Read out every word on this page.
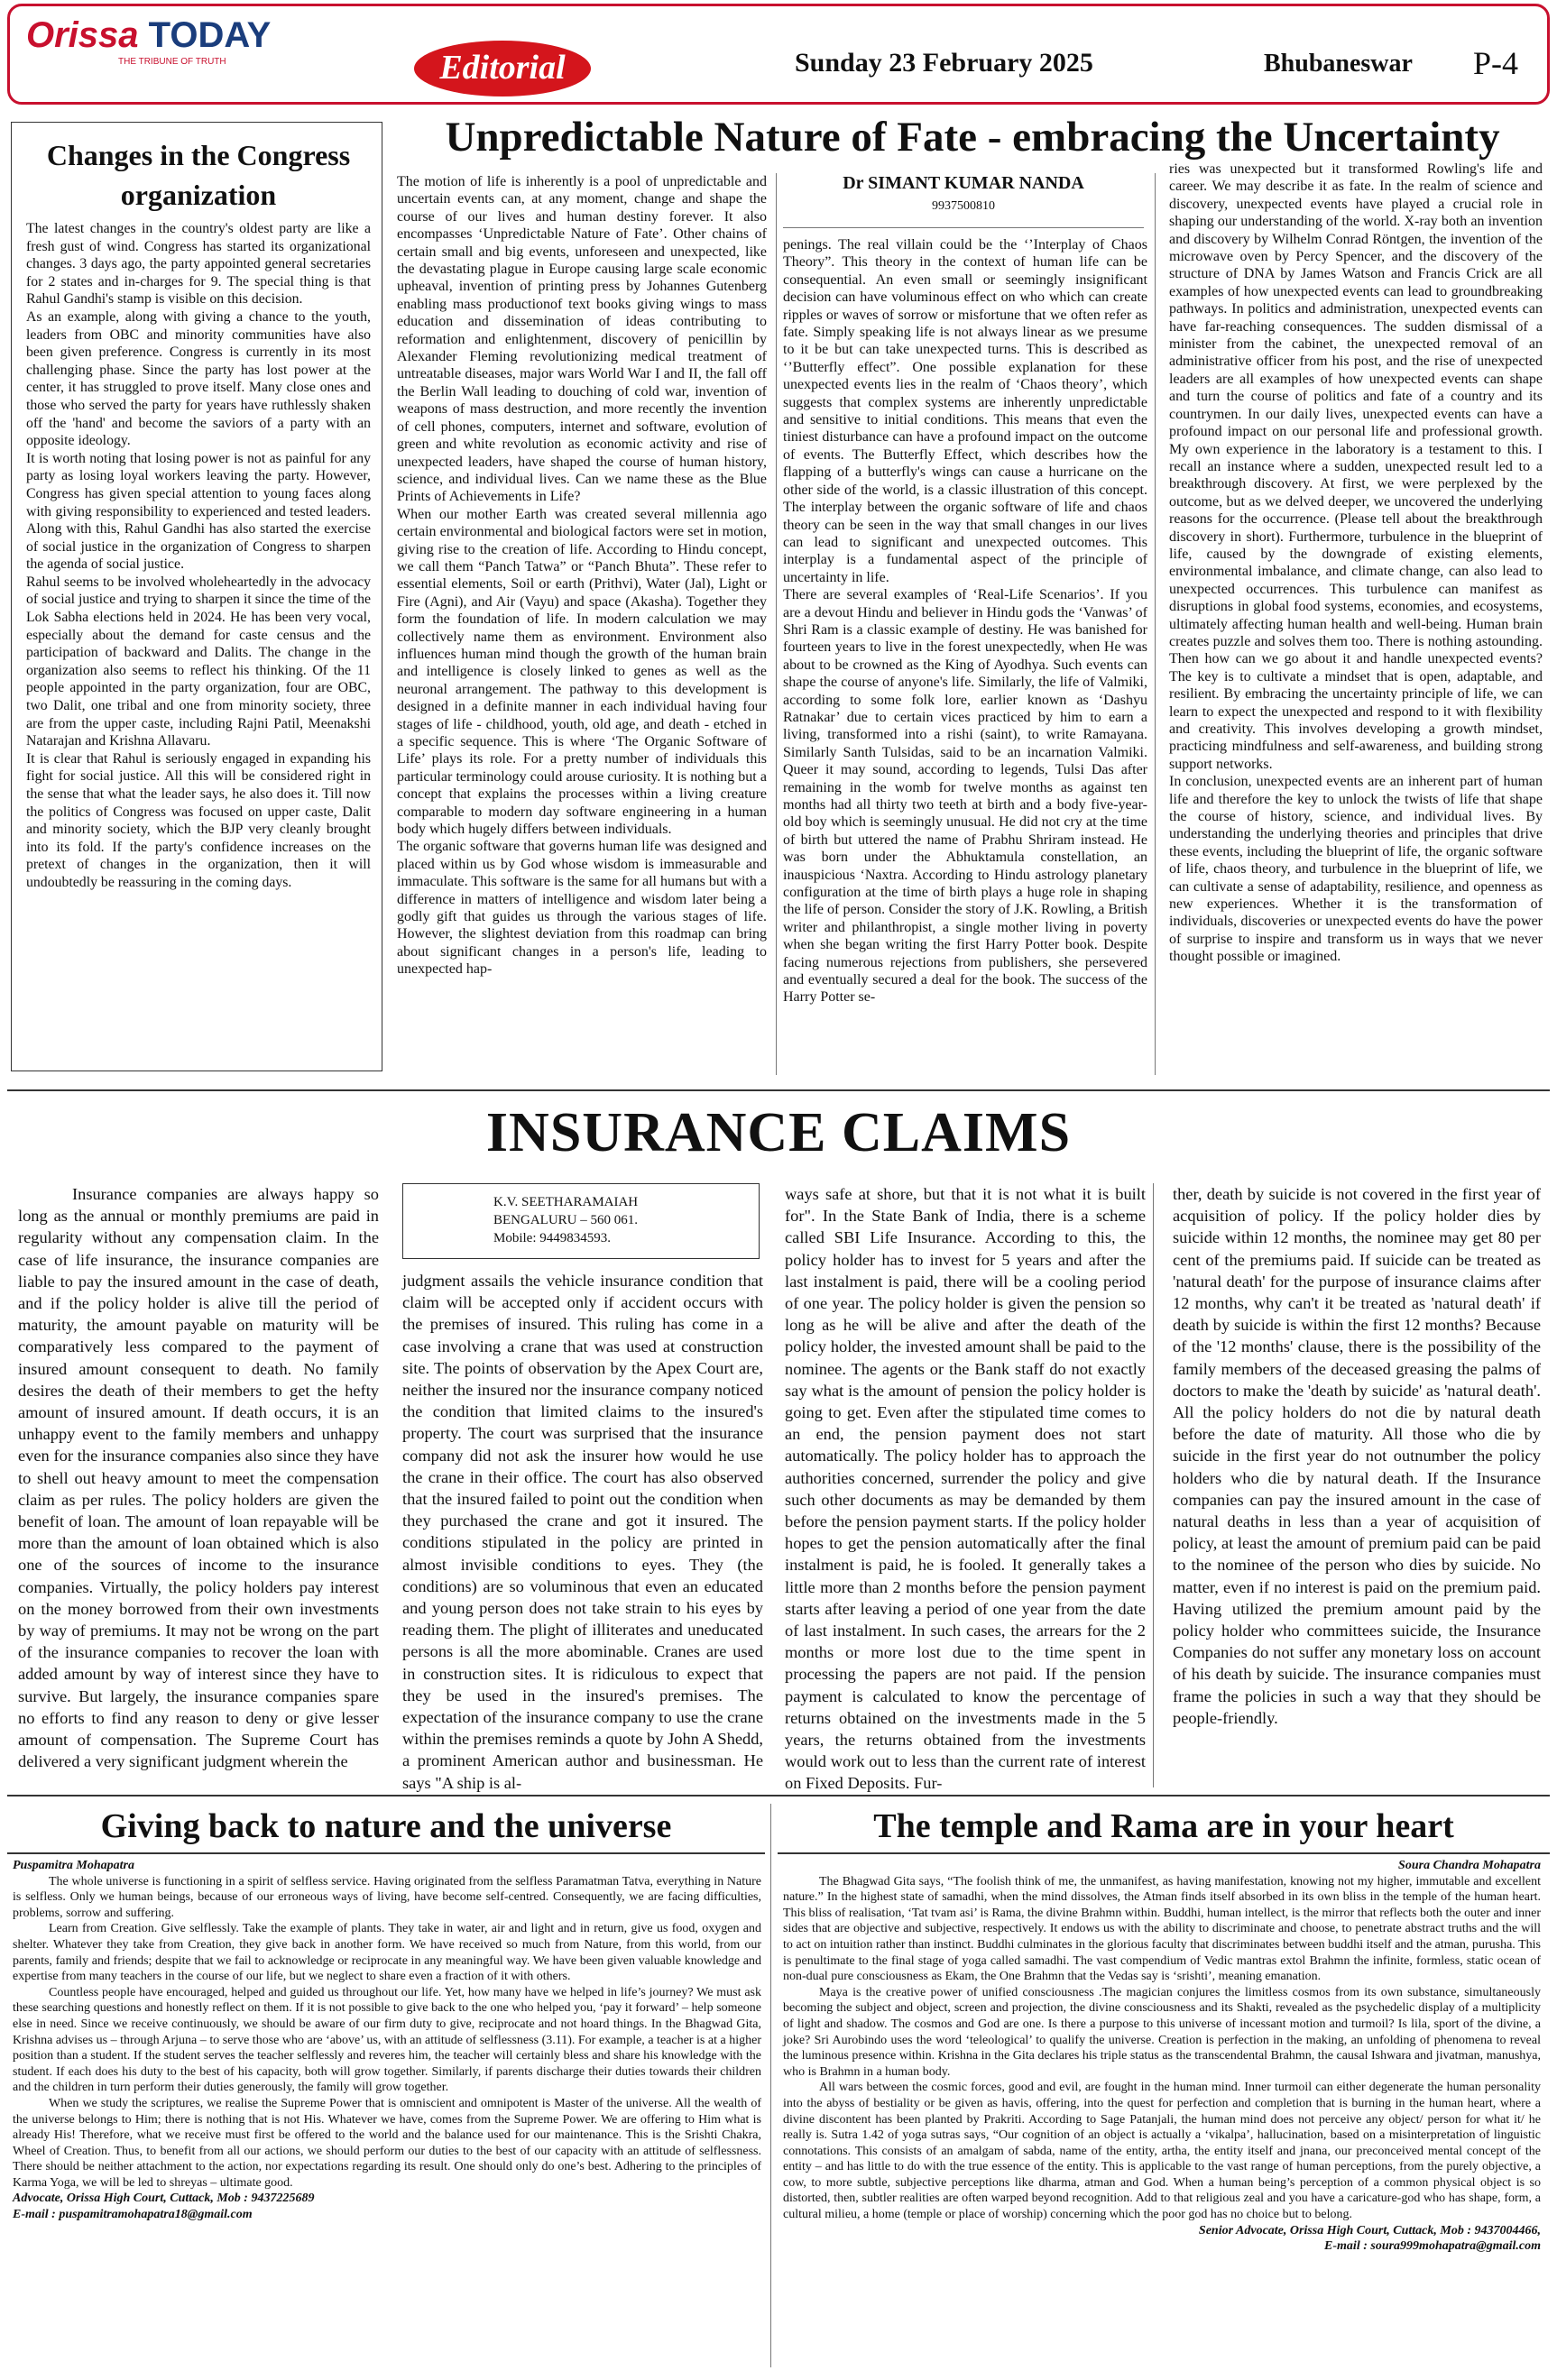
Orissa TODAY
THE TRIBUNE OF TRUTH	Editorial	Sunday 23 February 2025	Bhubaneswar P-4
Changes in the Congress organization

The latest changes in the country's oldest party are like a fresh gust of wind. Congress has started its organizational changes. 3 days ago, the party appointed general secretaries for 2 states and in-charges for 9. The special thing is that Rahul Gandhi's stamp is visible on this decision.

As an example, along with giving a chance to the youth, leaders from OBC and minority communities have also been given preference. Congress is currently in its most challenging phase. Since the party has lost power at the center, it has struggled to prove itself. Many close ones and those who served the party for years have ruthlessly shaken off the 'hand' and become the saviors of a party with an opposite ideology.

It is worth noting that losing power is not as painful for any party as losing loyal workers leaving the party. However, Congress has given special attention to young faces along with giving responsibility to experienced and tested leaders. Along with this, Rahul Gandhi has also started the exercise of social justice in the organization of Congress to sharpen the agenda of social justice.

Rahul seems to be involved wholeheartedly in the advocacy of social justice and trying to sharpen it since the time of the Lok Sabha elections held in 2024. He has been very vocal, especially about the demand for caste census and the participation of backward and Dalits. The change in the organization also seems to reflect his thinking. Of the 11 people appointed in the party organization, four are OBC, two Dalit, one tribal and one from minority society, three are from the upper caste, including Rajni Patil, Meenakshi Natarajan and Krishna Allavaru.

It is clear that Rahul is seriously engaged in expanding his fight for social justice. All this will be considered right in the sense that what the leader says, he also does it. Till now the politics of Congress was focused on upper caste, Dalit and minority society, which the BJP very cleanly brought into its fold. If the party's confidence increases on the pretext of changes in the organization, then it will undoubtedly be reassuring in the coming days.

Unpredictable Nature of Fate - embracing the Uncertainty

The motion of life is inherently is a pool of unpredictable and uncertain events can, at any moment, change and shape the course of our lives and human destiny forever. It also encompasses ‘Unpredictable Nature of Fate’. Other chains of certain small and big events, unforeseen and unexpected, like the devastating plague in Europe causing large scale economic upheaval, invention of printing press by Johannes Gutenberg enabling mass productionof text books giving wings to mass education and dissemination of ideas contributing to reformation and enlightenment, discovery of penicillin by Alexander Fleming revolutionizing medical treatment of untreatable diseases, major wars World War I and II, the fall off the Berlin Wall leading to douching of cold war, invention of weapons of mass destruction, and more recently the invention of cell phones, computers, internet and software, evolution of green and white revolution as economic activity and rise of unexpected leaders, have shaped the course of human history, science, and individual lives. Can we name these as the Blue Prints of Achievements in Life?

When our mother Earth was created several millennia ago certain environmental and biological factors were set in motion, giving rise to the creation of life. According to Hindu concept, we call them “Panch Tatwa” or “Panch Bhuta”. These refer to essential elements, Soil or earth (Prithvi), Water (Jal), Light or Fire (Agni), and Air (Vayu) and space (Akasha). Together they form the foundation of life. In modern calculation we may collectively name them as environment. Environment also influences human mind though the growth of the human brain and intelligence is closely linked to genes as well as the neuronal arrangement. The pathway to this development is designed in a definite manner in each individual having four stages of life - childhood, youth, old age, and death - etched in a specific sequence. This is where ‘The Organic Software of Life’ plays its role. For a pretty number of individuals this particular terminology could arouse curiosity. It is nothing but a concept that explains the processes within a living creature comparable to modern day software engineering in a human body which hugely differs between individuals.

The organic software that governs human life was designed and placed within us by God whose wisdom is immeasurable and immaculate. This software is the same for all humans but with a difference in matters of intelligence and wisdom later being a godly gift that guides us through the various stages of life. However, the slightest deviation from this roadmap can bring about significant changes in a person's life, leading to unexpected hap-

Dr SIMANT KUMAR NANDA
9937500810

penings. The real villain could be the ‘’Interplay of Chaos Theory”. This theory in the context of human life can be consequential. An even small or seemingly insignificant decision can have voluminous effect on who which can create ripples or waves of sorrow or misfortune that we often refer as fate. Simply speaking life is not always linear as we presume to it be but can take unexpected turns. This is described as ‘’Butterfly effect”. One possible explanation for these unexpected events lies in the realm of ‘Chaos theory’, which suggests that complex systems are inherently unpredictable and sensitive to initial conditions. This means that even the tiniest disturbance can have a profound impact on the outcome of events. The Butterfly Effect, which describes how the flapping of a butterfly's wings can cause a hurricane on the other side of the world, is a classic illustration of this concept. The interplay between the organic software of life and chaos theory can be seen in the way that small changes in our lives can lead to significant and unexpected outcomes. This interplay is a fundamental aspect of the principle of uncertainty in life.

There are several examples of ‘Real-Life Scenarios’. If you are a devout Hindu and believer in Hindu gods the ‘Vanwas’ of Shri Ram is a classic example of destiny. He was banished for fourteen years to live in the forest unexpectedly, when He was about to be crowned as the King of Ayodhya. Such events can shape the course of anyone's life. Similarly, the life of Valmiki, according to some folk lore, earlier known as ‘Dashyu Ratnakar’ due to certain vices practiced by him to earn a living, transformed into a rishi (saint), to write Ramayana. Similarly Santh Tulsidas, said to be an incarnation Valmiki. Queer it may sound, according to legends, Tulsi Das after remaining in the womb for twelve months as against ten months had all thirty two teeth at birth and a body five-year-old boy which is seemingly unusual. He did not cry at the time of birth but uttered the name of Prabhu Shriram instead. He was born under the Abhuktamula constellation, an inauspicious ‘Naxtra. According to Hindu astrology planetary configuration at the time of birth plays a huge role in shaping the life of person. Consider the story of J.K. Rowling, a British writer and philanthropist, a single mother living in poverty when she began writing the first Harry Potter book. Despite facing numerous rejections from publishers, she persevered and eventually secured a deal for the book. The success of the Harry Potter se-

ries was unexpected but it transformed Rowling's life and career. We may describe it as fate. In the realm of science and discovery, unexpected events have played a crucial role in shaping our understanding of the world. X-ray both an invention and discovery by Wilhelm Conrad Röntgen, the invention of the microwave oven by Percy Spencer, and the discovery of the structure of DNA by James Watson and Francis Crick are all examples of how unexpected events can lead to groundbreaking pathways. In politics and administration, unexpected events can have far-reaching consequences. The sudden dismissal of a minister from the cabinet, the unexpected removal of an administrative officer from his post, and the rise of unexpected leaders are all examples of how unexpected events can shape and turn the course of politics and fate of a country and its countrymen. In our daily lives, unexpected events can have a profound impact on our personal life and professional growth. My own experience in the laboratory is a testament to this. I recall an instance where a sudden, unexpected result led to a breakthrough discovery. At first, we were perplexed by the outcome, but as we delved deeper, we uncovered the underlying reasons for the occurrence. (Please tell about the breakthrough discovery in short). Furthermore, turbulence in the blueprint of life, caused by the downgrade of existing elements, environmental imbalance, and climate change, can also lead to unexpected occurrences. This turbulence can manifest as disruptions in global food systems, economies, and ecosystems, ultimately affecting human health and well-being. Human brain creates puzzle and solves them too. There is nothing astounding. Then how can we go about it and handle unexpected events? The key is to cultivate a mindset that is open, adaptable, and resilient. By embracing the uncertainty principle of life, we can learn to expect the unexpected and respond to it with flexibility and creativity. This involves developing a growth mindset, practicing mindfulness and self-awareness, and building strong support networks.

In conclusion, unexpected events are an inherent part of human life and therefore the key to unlock the twists of life that shape the course of history, science, and individual lives. By understanding the underlying theories and principles that drive these events, including the blueprint of life, the organic software of life, chaos theory, and turbulence in the blueprint of life, we can cultivate a sense of adaptability, resilience, and openness as new experiences. Whether it is the transformation of individuals, discoveries or unexpected events do have the power of surprise to inspire and transform us in ways that we never thought possible or imagined.

INSURANCE CLAIMS
Insurance companies are always happy so long as the annual or monthly premiums are paid in regularity without any compensation claim. In the case of life insurance, the insurance companies are liable to pay the insured amount in the case of death, and if the policy holder is alive till the period of maturity, the amount payable on maturity will be comparatively less compared to the payment of insured amount consequent to death. No family desires the death of their members to get the hefty amount of insured amount. If death occurs, it is an unhappy event to the family members and unhappy even for the insurance companies also since they have to shell out heavy amount to meet the compensation claim as per rules. The policy holders are given the benefit of loan. The amount of loan repayable will be more than the amount of loan obtained which is also one of the sources of income to the insurance companies. Virtually, the policy holders pay interest on the money borrowed from their own investments by way of premiums. It may not be wrong on the part of the insurance companies to recover the loan with added amount by way of interest since they have to survive. But largely, the insurance companies spare no efforts to find any reason to deny or give lesser amount of compensation. The Supreme Court has delivered a very significant judgment wherein the
K.V. SEETHARAMAIAH
BENGALURU – 560 061.
Mobile: 9449834593.
judgment assails the vehicle insurance condition that claim will be accepted only if accident occurs with the premises of insured. This ruling has come in a case involving a crane that was used at construction site. The points of observation by the Apex Court are, neither the insured nor the insurance company noticed the condition that limited claims to the insured's property. The court was surprised that the insurance company did not ask the insurer how would he use the crane in their office. The court has also observed that the insured failed to point out the condition when they purchased the crane and got it insured. The conditions stipulated in the policy are printed in almost invisible conditions to eyes. They (the conditions) are so voluminous that even an educated and young person does not take strain to his eyes by reading them. The plight of illiterates and uneducated persons is all the more abominable. Cranes are used in construction sites. It is ridiculous to expect that they be used in the insured's premises. The expectation of the insurance company to use the crane within the premises reminds a quote by John A Shedd, a prominent American author and businessman. He says "A ship is al-
ways safe at shore, but that it is not what it is built for". In the State Bank of India, there is a scheme called SBI Life Insurance. According to this, the policy holder has to invest for 5 years and after the last instalment is paid, there will be a cooling period of one year. The policy holder is given the pension so long as he will be alive and after the death of the policy holder, the invested amount shall be paid to the nominee. The agents or the Bank staff do not exactly say what is the amount of pension the policy holder is going to get. Even after the stipulated time comes to an end, the pension payment does not start automatically. The policy holder has to approach the authorities concerned, surrender the policy and give such other documents as may be demanded by them before the pension payment starts. If the policy holder hopes to get the pension automatically after the final instalment is paid, he is fooled. It generally takes a little more than 2 months before the pension payment starts after leaving a period of one year from the date of last instalment. In such cases, the arrears for the 2 months or more lost due to the time spent in processing the papers are not paid. If the pension payment is calculated to know the percentage of returns obtained on the investments made in the 5 years, the returns obtained from the investments would work out to less than the current rate of interest on Fixed Deposits. Fur-
ther, death by suicide is not covered in the first year of acquisition of policy. If the policy holder dies by suicide within 12 months, the nominee may get 80 per cent of the premiums paid. If suicide can be treated as 'natural death' for the purpose of insurance claims after 12 months, why can't it be treated as 'natural death' if death by suicide is within the first 12 months? Because of the '12 months' clause, there is the possibility of the family members of the deceased greasing the palms of doctors to make the 'death by suicide' as 'natural death'. All the policy holders do not die by natural death before the date of maturity. All those who die by suicide in the first year do not outnumber the policy holders who die by natural death. If the Insurance companies can pay the insured amount in the case of natural deaths in less than a year of acquisition of policy, at least the amount of premium paid can be paid to the nominee of the person who dies by suicide. No matter, even if no interest is paid on the premium paid. Having utilized the premium amount paid by the policy holder who committees suicide, the Insurance Companies do not suffer any monetary loss on account of his death by suicide. The insurance companies must frame the policies in such a way that they should be people-friendly.
Giving back to nature and the universe
Puspamitra Mohapatra

The whole universe is functioning in a spirit of selfless service. Having originated from the selfless Paramatman Tatva, everything in Nature is selfless. Only we human beings, because of our erroneous ways of living, have become self-centred. Consequently, we are facing difficulties, problems, sorrow and suffering.

Learn from Creation. Give selflessly. Take the example of plants. They take in water, air and light and in return, give us food, oxygen and shelter. Whatever they take from Creation, they give back in another form. We have received so much from Nature, from this world, from our parents, family and friends; despite that we fail to acknowledge or reciprocate in any meaningful way. We have been given valuable knowledge and expertise from many teachers in the course of our life, but we neglect to share even a fraction of it with others.

Countless people have encouraged, helped and guided us throughout our life. Yet, how many have we helped in life’s journey? We must ask these searching questions and honestly reflect on them. If it is not possible to give back to the one who helped you, ‘pay it forward’ – help someone else in need. Since we receive continuously, we should be aware of our firm duty to give, reciprocate and not hoard things. In the Bhagwad Gita, Krishna advises us – through Arjuna – to serve those who are ‘above’ us, with an attitude of selflessness (3.11). For example, a teacher is at a higher position than a student. If the student serves the teacher selflessly and reveres him, the teacher will certainly bless and share his knowledge with the student. If each does his duty to the best of his capacity, both will grow together. Similarly, if parents discharge their duties towards their children and the children in turn perform their duties generously, the family will grow together.

When we study the scriptures, we realise the Supreme Power that is omniscient and omnipotent is Master of the universe. All the wealth of the universe belongs to Him; there is nothing that is not His. Whatever we have, comes from the Supreme Power. We are offering to Him what is already His! Therefore, what we receive must first be offered to the world and the balance used for our maintenance. This is the Srishti Chakra, Wheel of Creation. Thus, to benefit from all our actions, we should perform our duties to the best of our capacity with an attitude of selflessness. There should be neither attachment to the action, nor expectations regarding its result. One should only do one’s best. Adhering to the principles of Karma Yoga, we will be led to shreyas – ultimate good.

Advocate, Orissa High Court, Cuttack, Mob : 9437225689
E-mail : puspamitramohapatra18@gmail.com
The temple and Rama are in your heart
Soura Chandra Mohapatra

The Bhagwad Gita says, “The foolish think of me, the unmanifest, as having manifestation, knowing not my higher, immutable and excellent nature.” In the highest state of samadhi, when the mind dissolves, the Atman finds itself absorbed in its own bliss in the temple of the human heart. This bliss of realisation, ‘Tat tvam asi’ is Rama, the divine Brahmn within. Buddhi, human intellect, is the mirror that reflects both the outer and inner sides that are objective and subjective, respectively. It endows us with the ability to discriminate and choose, to penetrate abstract truths and the will to act on intuition rather than instinct. Buddhi culminates in the glorious faculty that discriminates between buddhi itself and the atman, purusha. This is penultimate to the final stage of yoga called samadhi. The vast compendium of Vedic mantras extol Brahmn the infinite, formless, static ocean of non-dual pure consciousness as Ekam, the One Brahmn that the Vedas say is ‘srishti’, meaning emanation.

Maya is the creative power of unified consciousness .The magician conjures the limitless cosmos from its own substance, simultaneously becoming the subject and object, screen and projection, the divine consciousness and its Shakti, revealed as the psychedelic display of a multiplicity of light and shadow. The cosmos and God are one. Is there a purpose to this universe of incessant motion and turmoil? Is lila, sport of the divine, a joke? Sri Aurobindo uses the word ‘teleological’ to qualify the universe. Creation is perfection in the making, an unfolding of phenomena to reveal the luminous presence within. Krishna in the Gita declares his triple status as the transcendental Brahmn, the causal Ishwara and jivatman, manushya, who is Brahmn in a human body.

All wars between the cosmic forces, good and evil, are fought in the human mind. Inner turmoil can either degenerate the human personality into the abyss of bestiality or be given as havis, offering, into the quest for perfection and completion that is burning in the human heart, where a divine discontent has been planted by Prakriti. According to Sage Patanjali, the human mind does not perceive any object/ person for what it/ he really is. Sutra 1.42 of yoga sutras says, “Our cognition of an object is actually a ‘vikalpa’, hallucination, based on a misinterpretation of linguistic connotations. This consists of an amalgam of sabda, name of the entity, artha, the entity itself and jnana, our preconceived mental concept of the entity – and has little to do with the true essence of the entity. This is applicable to the vast range of human perceptions, from the purely objective, a cow, to more subtle, subjective perceptions like dharma, atman and God. When a human being’s perception of a common physical object is so distorted, then, subtler realities are often warped beyond recognition. Add to that religious zeal and you have a caricature-god who has shape, form, a cultural milieu, a home (temple or place of worship) concerning which the poor god has no choice but to belong.

Senior Advocate, Orissa High Court, Cuttack, Mob : 9437004466,
E-mail : soura999mohapatra@gmail.com
